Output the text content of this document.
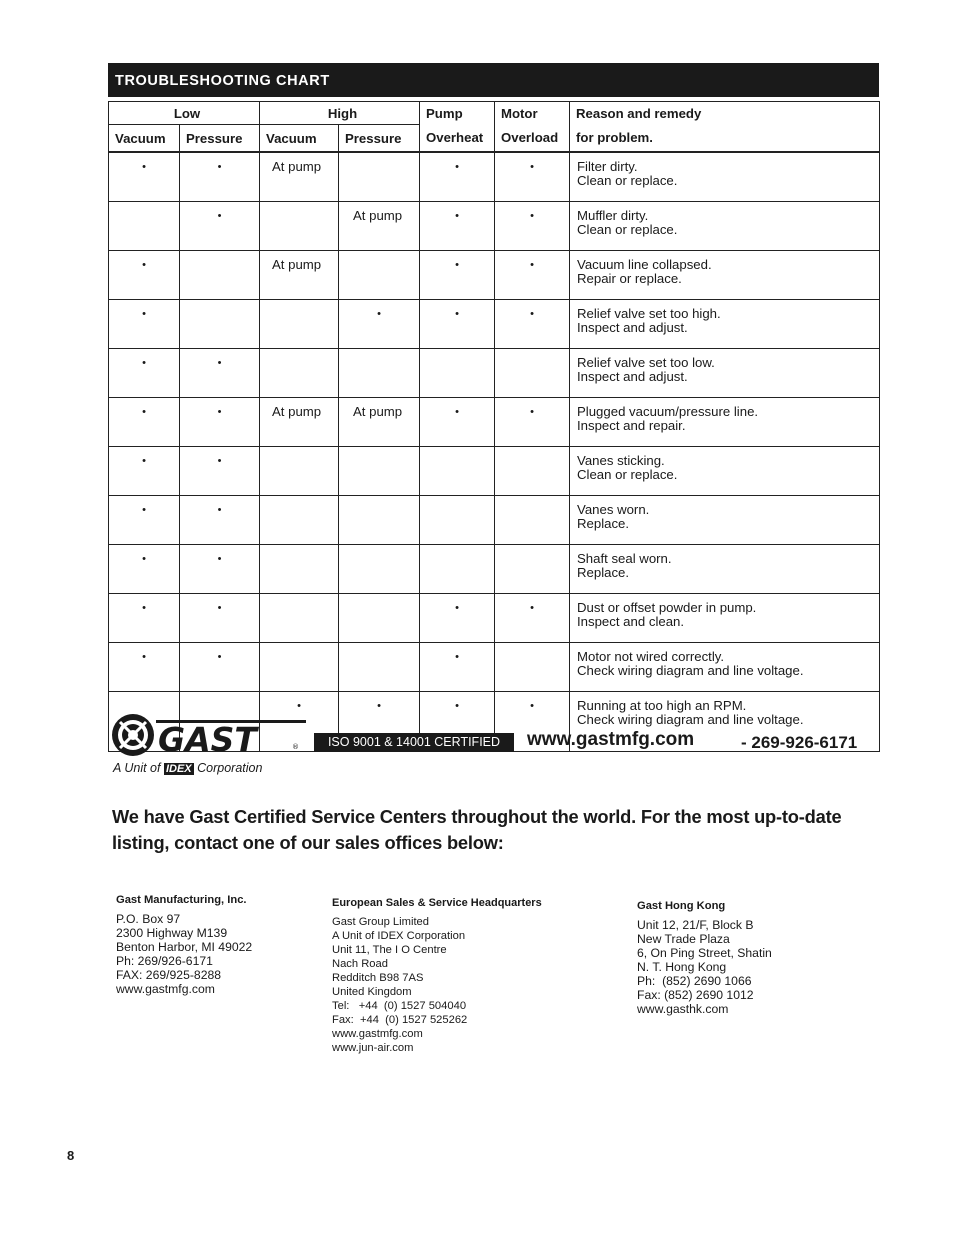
TROUBLESHOOTING CHART
Low		High		Pump	Motor	Reason and remedy
Vacuum	Pressure	Vacuum	Pressure	Overheat	Overload	for problem.
•	•	At pump		•	•	Filter dirty.
Clean or replace.

	•		At pump	•	•	Muffler dirty.
Clean or replace.

•		At pump		•	•	Vacuum line collapsed.
Repair or replace.

•			•	•	•	Relief valve set too high.
Inspect and adjust.

•	•					Relief valve set too low.
Inspect and adjust.

•	•	At pump	At pump	•	•	Plugged vacuum/pressure line.
Inspect and repair.

•	•					Vanes sticking.
Clean or replace.

•	•					Vanes worn.
Replace.

•	•					Shaft seal worn.
Replace.

•	•			•	•	Dust or offset powder in pump.
Inspect and clean.

•	•			•		Motor not wired correctly.
Check wiring diagram and line voltage.

		•	•	•	•	Running at too high an RPM.
Check wiring diagram and line voltage.
GAST	®
A Unit of IDEX Corporation
ISO 9001 & 14001 CERTIFIED	www.gastmfg.com	- 269-926-6171
We have Gast Certified Service Centers throughout the world. For the most up-to-date listing, contact one of our sales offices below:
Gast Manufacturing, Inc.
P.O. Box 97
2300 Highway M139
Benton Harbor, MI 49022
Ph: 269/926-6171
FAX: 269/925-8288
www.gastmfg.com
European Sales & Service Headquarters
Gast Group Limited
A Unit of IDEX Corporation
Unit 11, The I O Centre
Nach Road
Redditch B98 7AS
United Kingdom
Tel:   +44  (0) 1527 504040
Fax:  +44  (0) 1527 525262
www.gastmfg.com
www.jun-air.com
Gast Hong Kong
Unit 12, 21/F, Block B
New Trade Plaza
6, On Ping Street, Shatin
N. T. Hong Kong
Ph:  (852) 2690 1066
Fax: (852) 2690 1012
www.gasthk.com
8
